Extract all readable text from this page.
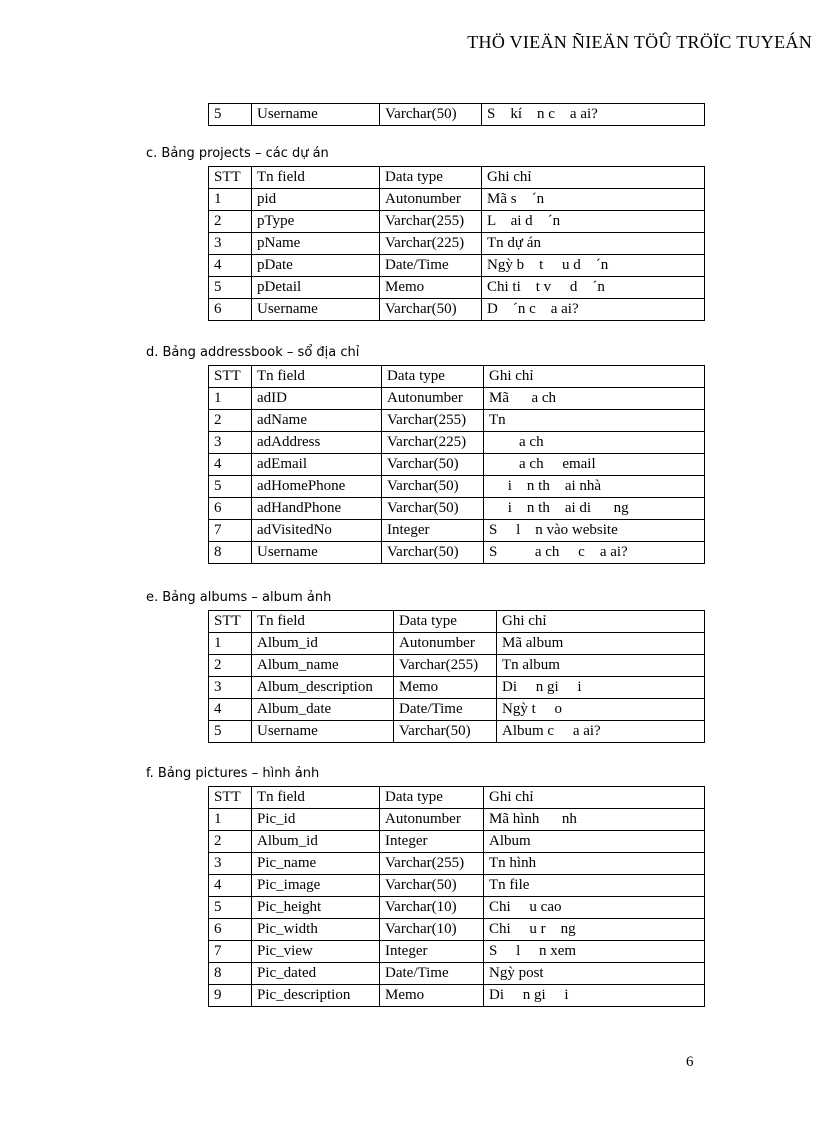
THÖ VIEÄN ÑIEÄN TÖÛ TRÖÏC TUYEÁN
5	Username	Varchar(50)	S    kí    n c    a ai?
c. Bảng projects – các dự án
STT	Tn field	Data type	Ghi chỉ
1	pid	Autonumber	Mã s    ´n
2	pType	Varchar(255)	L    ai d    ´n
3	pName	Varchar(225)	Tn dự án
4	pDate	Date/Time	Ngỳ b    t     u d    ´n
5	pDetail	Memo	Chi ti    t v     d    ´n
6	Username	Varchar(50)	D    ´n c    a ai?
d. Bảng addressbook – sổ địa chỉ
STT	Tn field	Data type	Ghi chỉ
1	adID	Autonumber	Mã      a ch
2	adName	Varchar(255)	Tn
3	adAddress	Varchar(225)	a ch
4	adEmail	Varchar(50)	a ch     email
5	adHomePhone	Varchar(50)	i    n th    ai nhà
6	adHandPhone	Varchar(50)	i    n th    ai di      ng
7	adVisitedNo	Integer	S     l    n vào website
8	Username	Varchar(50)	S          a ch     c    a ai?
e. Bảng albums – album ảnh
STT	Tn field	Data type	Ghi chỉ
1	Album_id	Autonumber	Mã album
2	Album_name	Varchar(255)	Tn album
3	Album_description	Memo	Di     n gi     i
4	Album_date	Date/Time	Ngỳ t     o
5	Username	Varchar(50)	Album c     a ai?
f. Bảng pictures – hình ảnh
STT	Tn field	Data type	Ghi chỉ
1	Pic_id	Autonumber	Mã hình      nh
2	Album_id	Integer	Album
3	Pic_name	Varchar(255)	Tn hình
4	Pic_image	Varchar(50)	Tn file
5	Pic_height	Varchar(10)	Chi     u cao
6	Pic_width	Varchar(10)	Chi     u r    ng
7	Pic_view	Integer	S     l     n xem
8	Pic_dated	Date/Time	Ngỳ post
9	Pic_description	Memo	Di     n gi     i
6
